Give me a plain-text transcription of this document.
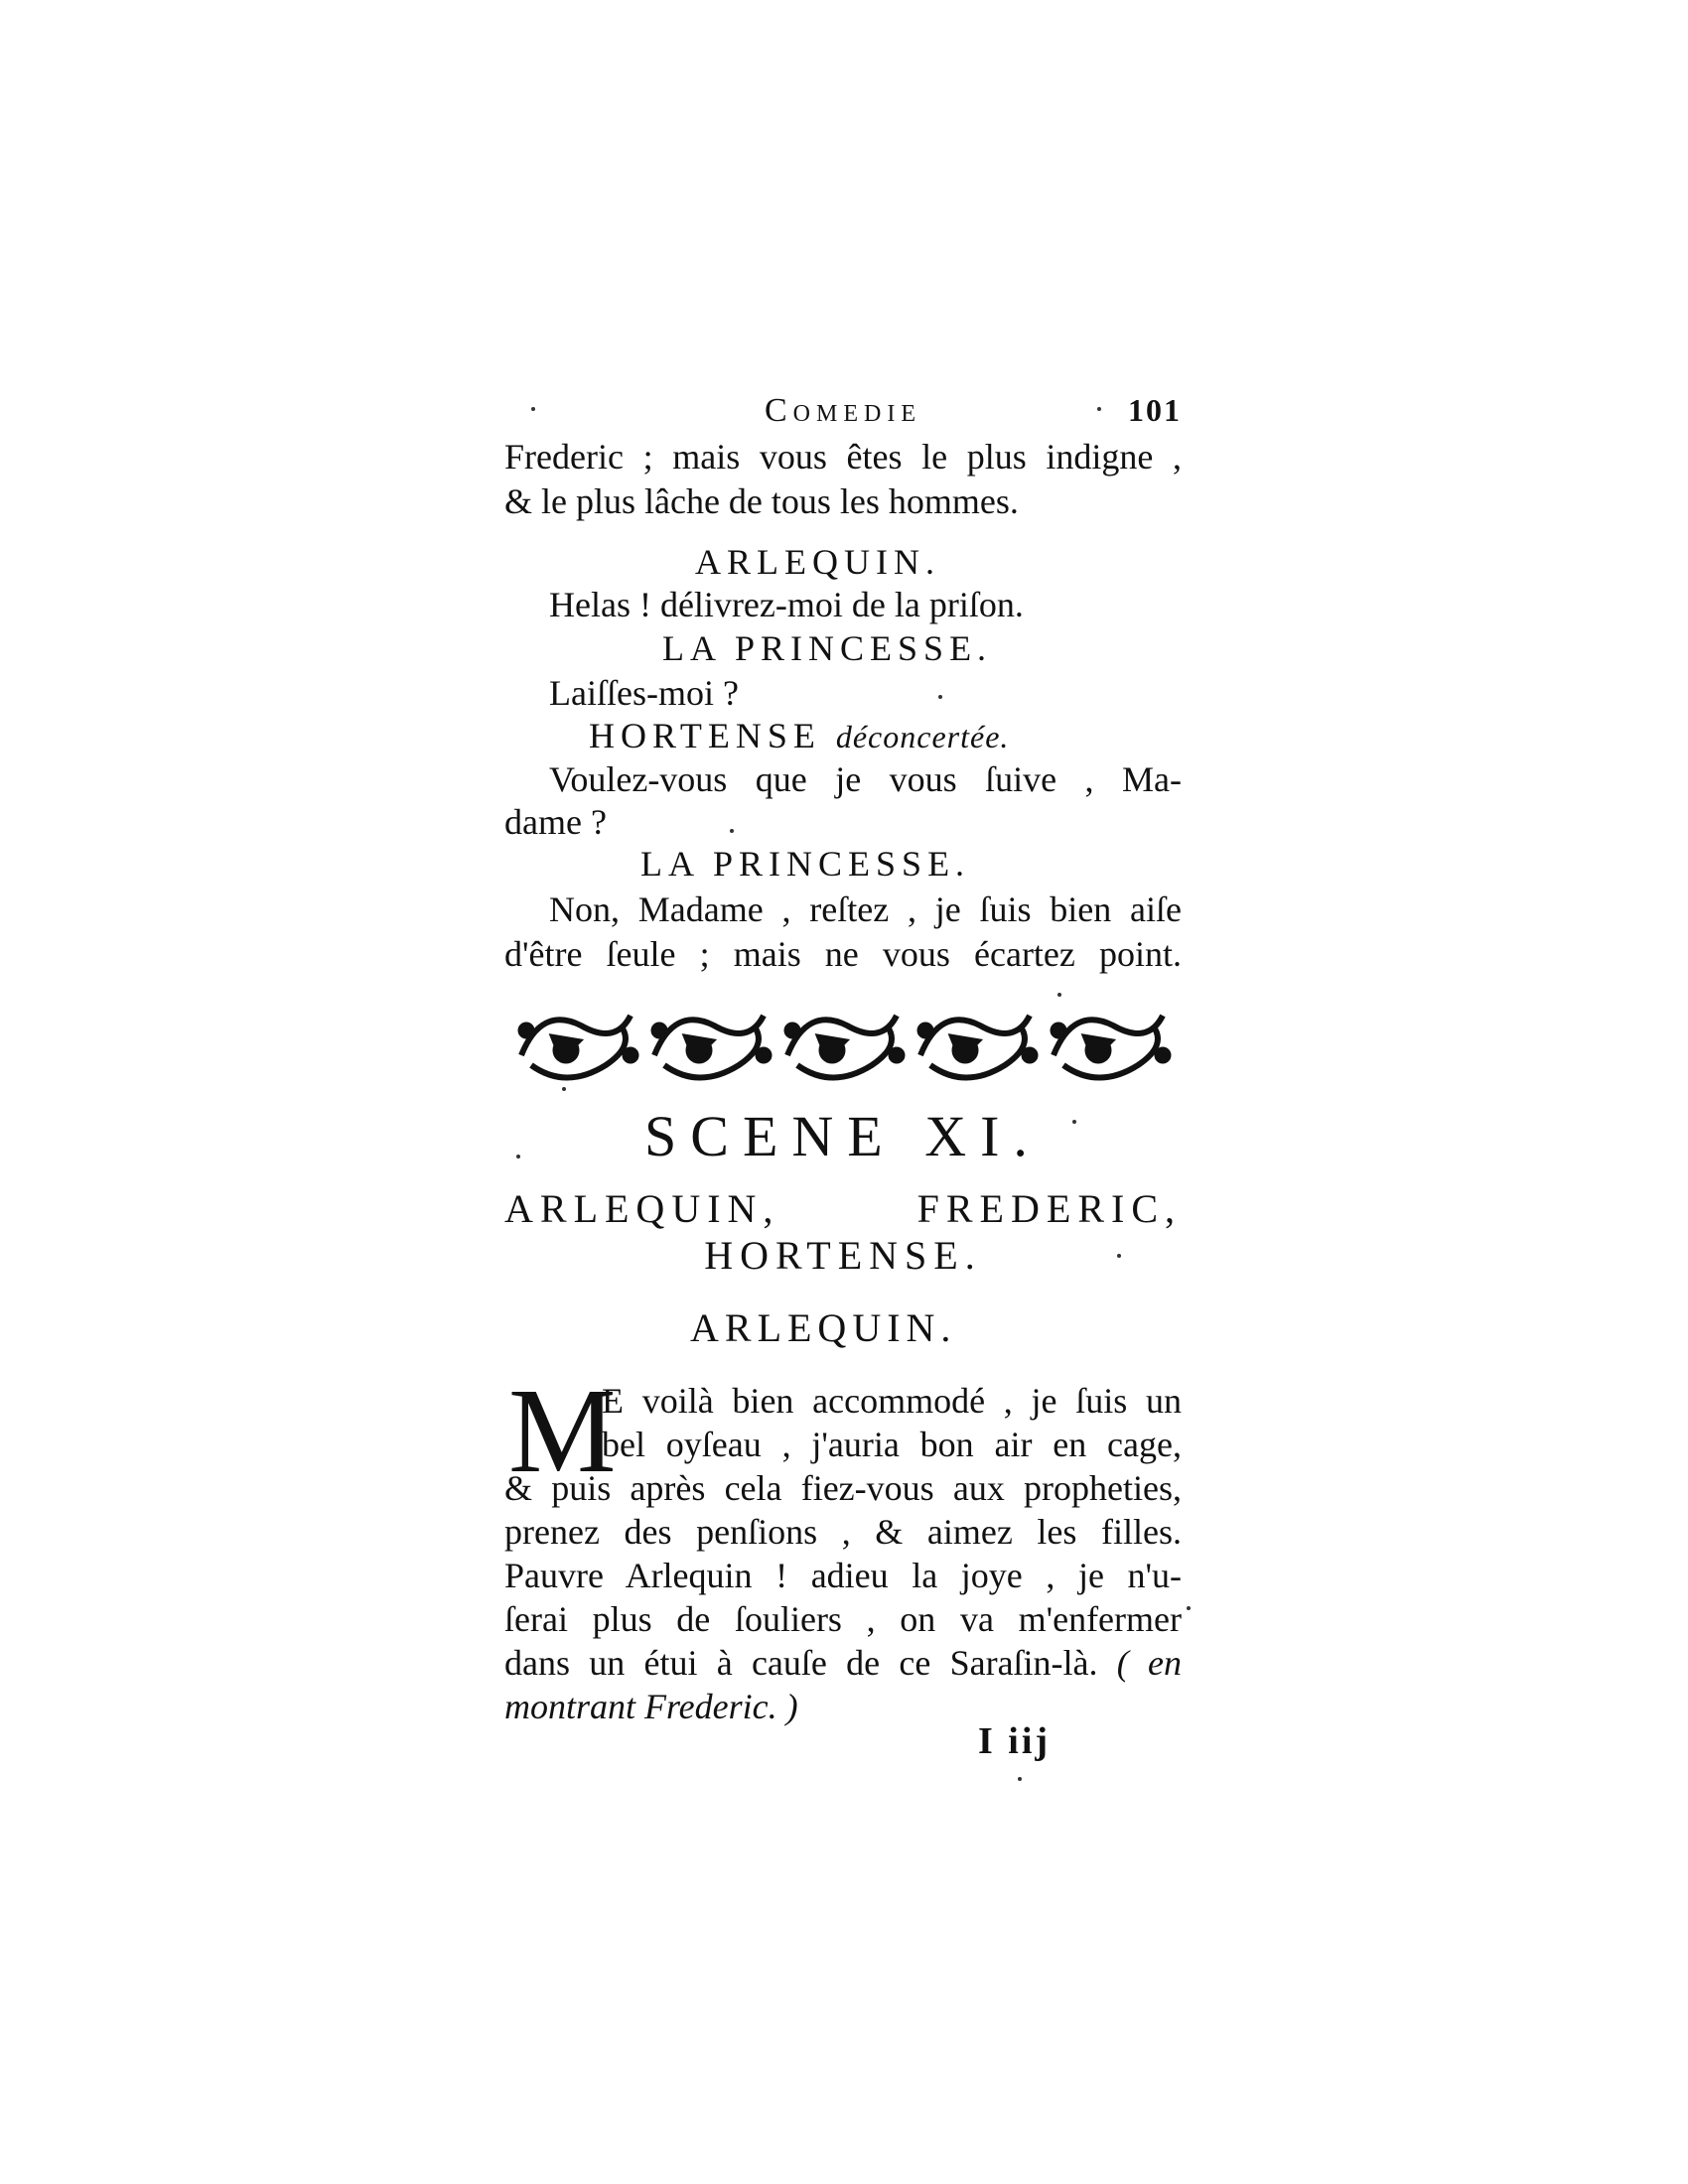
Comedie	101
Frederic ; mais vous êtes le plus indigne ,
& le plus lâche de tous les hommes.
ARLEQUIN.
Helas ! délivrez-moi de la priſon.
LA PRINCESSE.
Laiſſes-moi ?
HORTENSE déconcertée.
Voulez-vous que je vous ſuive , Ma-
dame ?
LA PRINCESSE.
Non, Madame , reſtez , je ſuis bien aiſe
d'être ſeule ; mais ne vous écartez point.
SCENE XI.
ARLEQUIN, FREDERIC,
HORTENSE.
ARLEQUIN.
M
E voilà bien accommodé , je ſuis un
bel oyſeau , j'auria bon air en cage,
& puis après cela fiez-vous aux propheties,
prenez des penſions , & aimez les filles.
Pauvre Arlequin ! adieu la joye , je n'u-
ſerai plus de ſouliers , on va m'enfermer
dans un étui à cauſe de ce Saraſin-là. ( en
montrant Frederic. )
I iij
